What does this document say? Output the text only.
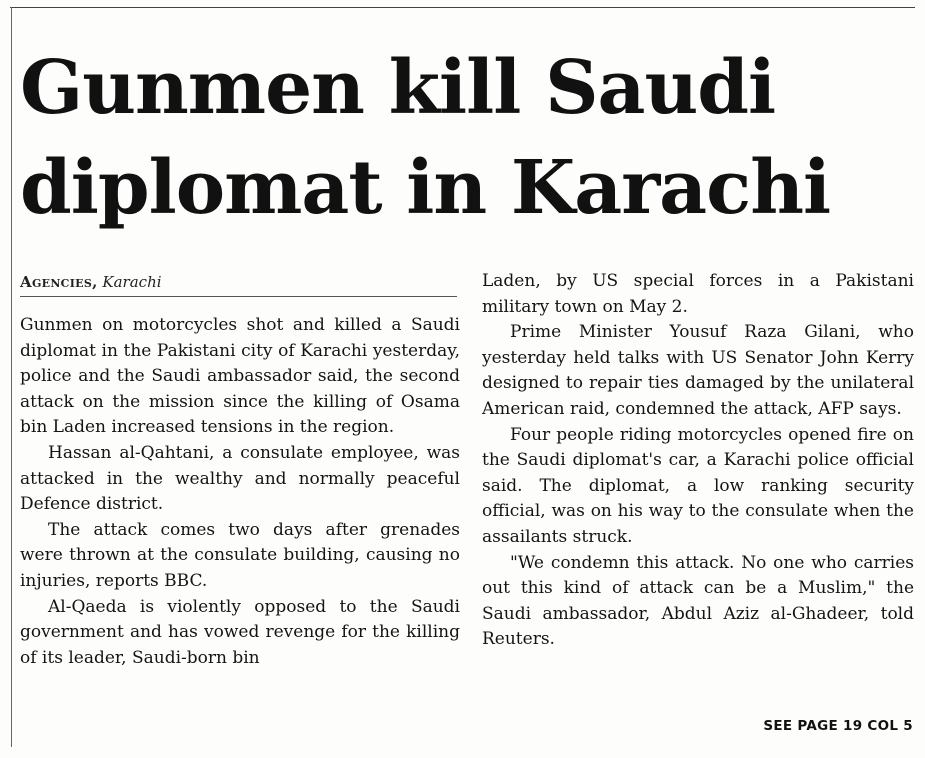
Gunmen kill Saudi diplomat in Karachi
Agencies, Karachi

Gunmen on motorcycles shot and killed a Saudi diplomat in the Pakistani city of Karachi yesterday, police and the Saudi ambassador said, the second attack on the mission since the killing of Osama bin Laden increased tensions in the region.

Hassan al-Qahtani, a consulate employee, was attacked in the wealthy and normally peaceful Defence district.

The attack comes two days after grenades were thrown at the consulate building, causing no injuries, reports BBC.

Al-Qaeda is violently opposed to the Saudi government and has vowed revenge for the killing of its leader, Saudi-born bin

Laden, by US special forces in a Pakistani military town on May 2.

Prime Minister Yousuf Raza Gilani, who yesterday held talks with US Senator John Kerry designed to repair ties damaged by the unilateral American raid, condemned the attack, AFP says.

Four people riding motorcycles opened fire on the Saudi diplomat's car, a Karachi police official said. The diplomat, a low ranking security official, was on his way to the consulate when the assailants struck.

"We condemn this attack. No one who carries out this kind of attack can be a Muslim," the Saudi ambassador, Abdul Aziz al-Ghadeer, told Reuters.

SEE PAGE 19 COL 5
